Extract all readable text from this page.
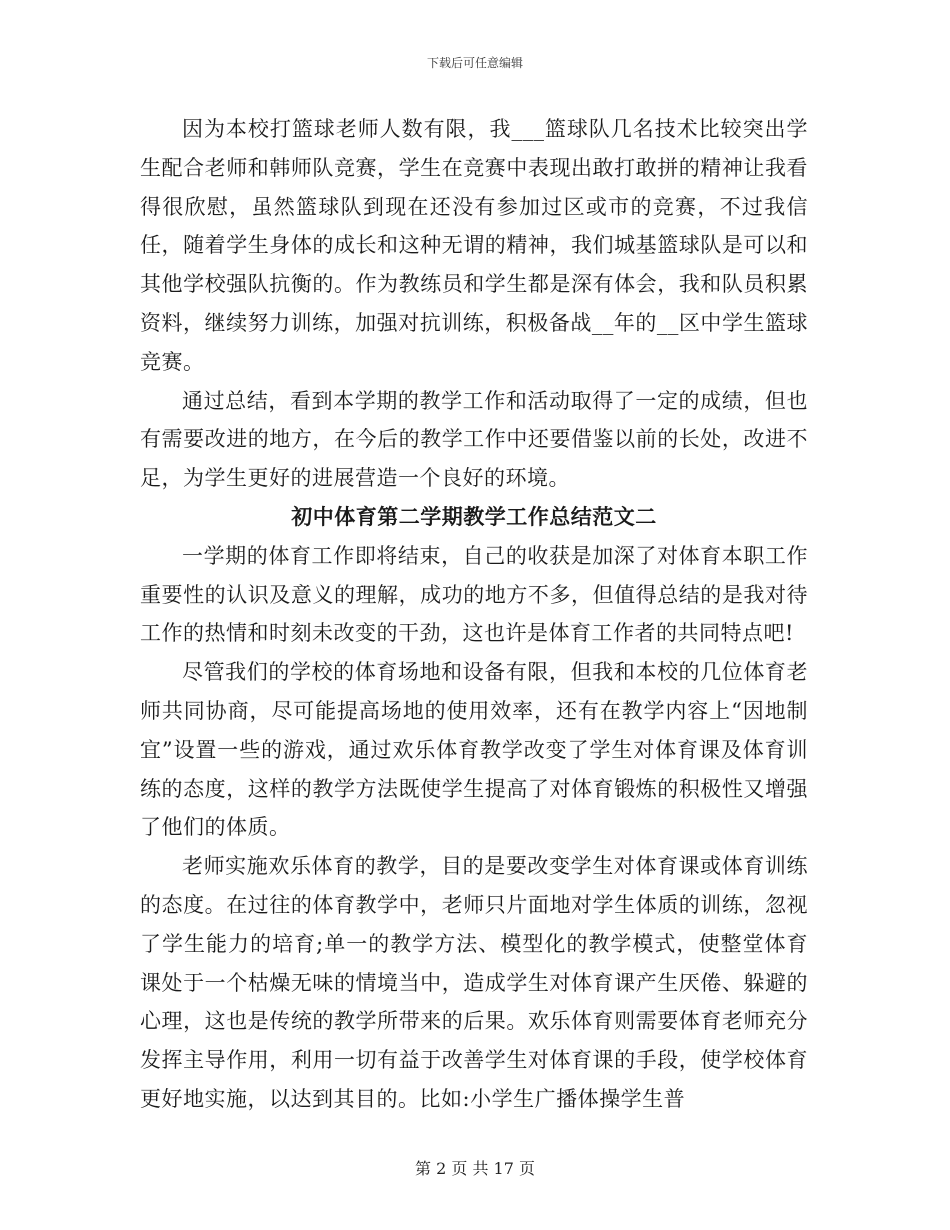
下载后可任意编辑

因为本校打篮球老师人数有限，我___篮球队几名技术比较突出学生配合老师和韩师队竞赛，学生在竞赛中表现出敢打敢拼的精神让我看得很欣慰，虽然篮球队到现在还没有参加过区或市的竞赛，不过我信任，随着学生身体的成长和这种无谓的精神，我们城基篮球队是可以和其他学校强队抗衡的。作为教练员和学生都是深有体会，我和队员积累资料，继续努力训练，加强对抗训练，积极备战__年的__区中学生篮球竞赛。

通过总结，看到本学期的教学工作和活动取得了一定的成绩，但也有需要改进的地方，在今后的教学工作中还要借鉴以前的长处，改进不足，为学生更好的进展营造一个良好的环境。

初中体育第二学期教学工作总结范文二

一学期的体育工作即将结束，自己的收获是加深了对体育本职工作重要性的认识及意义的理解，成功的地方不多，但值得总结的是我对待工作的热情和时刻未改变的干劲，这也许是体育工作者的共同特点吧!

尽管我们的学校的体育场地和设备有限，但我和本校的几位体育老师共同协商，尽可能提高场地的使用效率，还有在教学内容上“因地制宜”设置一些的游戏，通过欢乐体育教学改变了学生对体育课及体育训练的态度，这样的教学方法既使学生提高了对体育锻炼的积极性又增强了他们的体质。

老师实施欢乐体育的教学，目的是要改变学生对体育课或体育训练的态度。在过往的体育教学中，老师只片面地对学生体质的训练，忽视了学生能力的培育;单一的教学方法、模型化的教学模式，使整堂体育课处于一个枯燥无味的情境当中，造成学生对体育课产生厌倦、躲避的心理，这也是传统的教学所带来的后果。欢乐体育则需要体育老师充分发挥主导作用，利用一切有益于改善学生对体育课的手段，使学校体育更好地实施，以达到其目的。比如:小学生广播体操学生普

第 2 页 共 17 页
